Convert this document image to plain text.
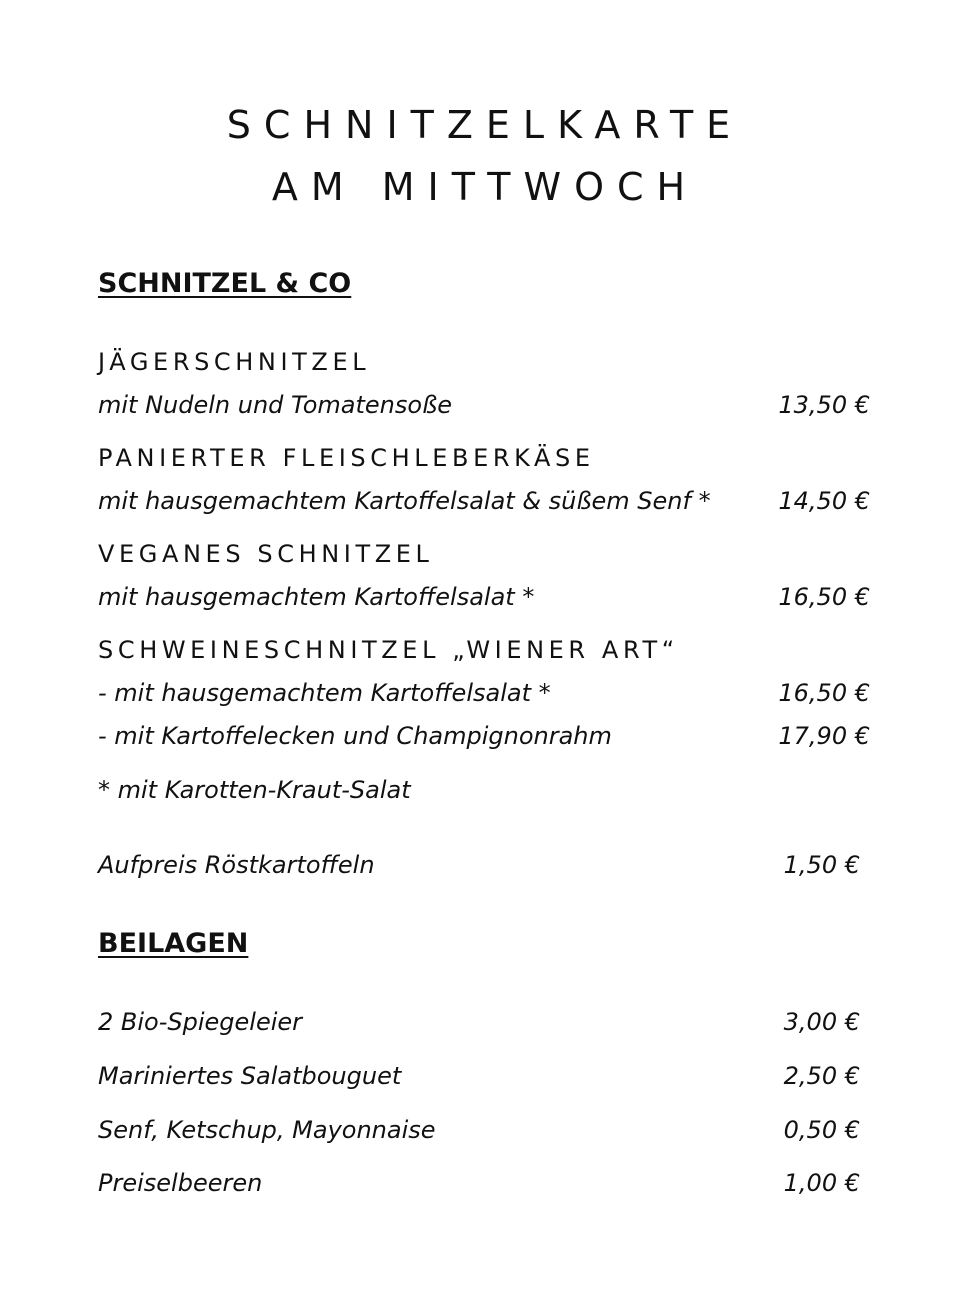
SCHNITZELKARTE
AM MITTWOCH
SCHNITZEL & CO
JÄGERSCHNITZEL
mit Nudeln und Tomatensoße	13,50 €
PANIERTER FLEISCHLEBERKÄSE
mit hausgemachtem Kartoffelsalat & süßem Senf *	14,50 €
VEGANES SCHNITZEL
mit hausgemachtem Kartoffelsalat *	16,50 €
SCHWEINESCHNITZEL „WIENER ART“
- mit hausgemachtem Kartoffelsalat *	16,50 €
- mit Kartoffelecken und Champignonrahm	17,90 €
* mit Karotten-Kraut-Salat
Aufpreis Röstkartoffeln	1,50 €
BEILAGEN
2 Bio-Spiegeleier	3,00 €
Mariniertes Salatbouguet	2,50 €
Senf, Ketschup, Mayonnaise	0,50 €
Preiselbeeren	1,00 €
